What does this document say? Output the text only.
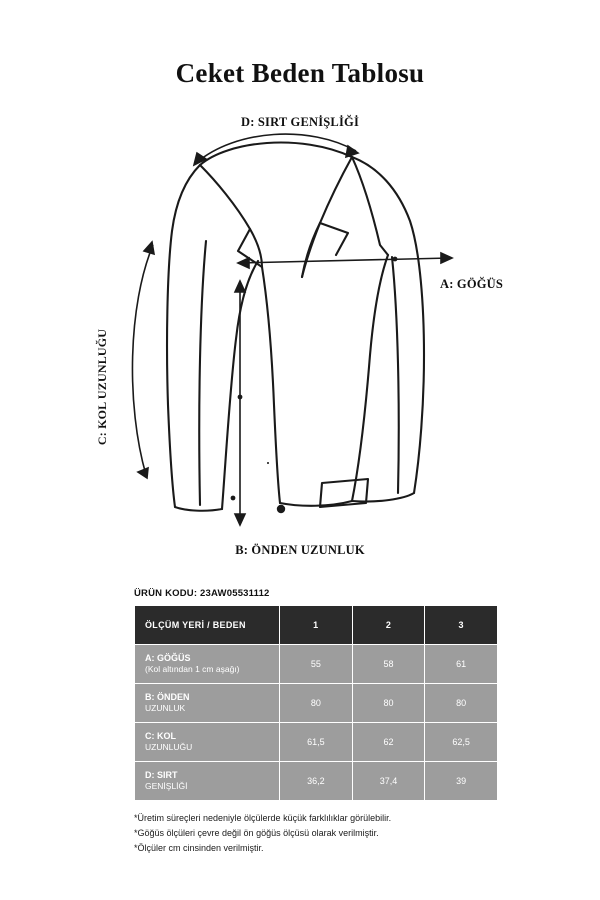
Ceket Beden Tablosu
D: SIRT GENİŞLİĞİ
A: GÖĞÜS
B: ÖNDEN UZUNLUK
C: KOL UZUNLUĞU
ÜRÜN KODU: 23AW05531112
ÖLÇÜM YERİ / BEDEN	1	2	3
A: GÖĞÜS
(Kol altından 1 cm aşağı)	55	58	61
B: ÖNDEN
UZUNLUK	80	80	80
C: KOL
UZUNLUĞU	61,5	62	62,5
D: SIRT
GENİŞLİĞİ	36,2	37,4	39
*Üretim süreçleri nedeniyle ölçülerde küçük farklılıklar görülebilir.
*Göğüs ölçüleri çevre değil ön göğüs ölçüsü olarak verilmiştir.
*Ölçüler cm cinsinden verilmiştir.
